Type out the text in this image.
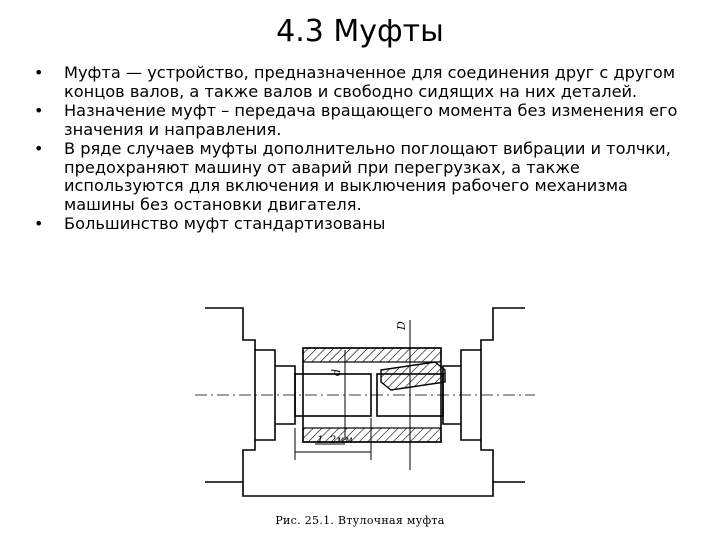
4.3 Муфты
• Муфта — устройство, предназначенное для соединения друг с другом концов валов, а также валов и свободно сидящих на них деталей.
• Назначение муфт – передача вращающего момента без изменения его значения и направления.
• В ряде случаев муфты дополнительно поглощают вибрации и толчки, предохраняют машину от аварий при перегрузках, а также используются для включения и выключения рабочего механизма машины без остановки двигателя.
• Большинство муфт стандартизованы
D
d
1..2мм
Рис. 25.1. Втулочная муфта
